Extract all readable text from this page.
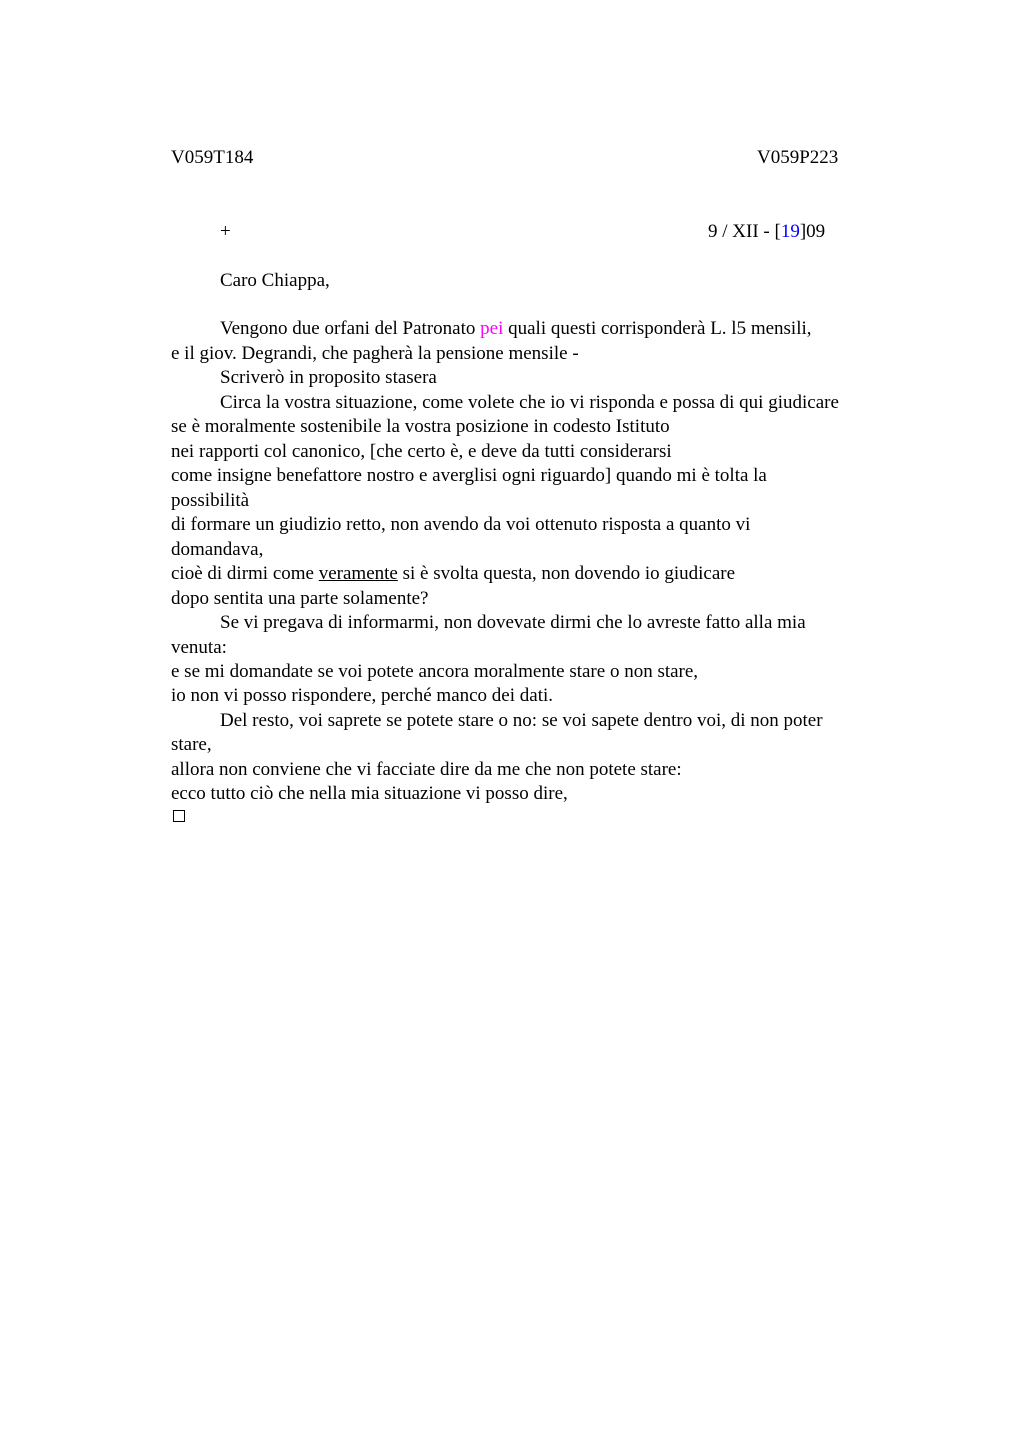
V059T184	V059P223
+	9 / XII - [19]09
Caro Chiappa,
Vengono due orfani del Patronato pei quali questi corrisponderà L. l5 mensili,
e il giov. Degrandi, che pagherà la pensione mensile -
Scriverò in proposito stasera
Circa la vostra situazione, come volete che io vi risponda e possa di qui giudicare
se è moralmente sostenibile la vostra posizione in codesto Istituto
nei rapporti col canonico, [che certo è, e deve da tutti considerarsi
come insigne benefattore nostro e averglisi ogni riguardo] quando mi è tolta la
possibilità
di formare un giudizio retto, non avendo da voi ottenuto risposta a quanto vi
domandava,
cioè di dirmi come veramente si è svolta questa, non dovendo io giudicare
dopo sentita una parte solamente?
Se vi pregava di informarmi, non dovevate dirmi che lo avreste fatto alla mia
venuta:
e se mi domandate se voi potete ancora moralmente stare o non stare,
io non vi posso rispondere, perché manco dei dati.
Del resto, voi saprete se potete stare o no: se voi sapete dentro voi, di non poter
stare,
allora non conviene che vi facciate dire da me che non potete stare:
ecco tutto ciò che nella mia situazione vi posso dire,
